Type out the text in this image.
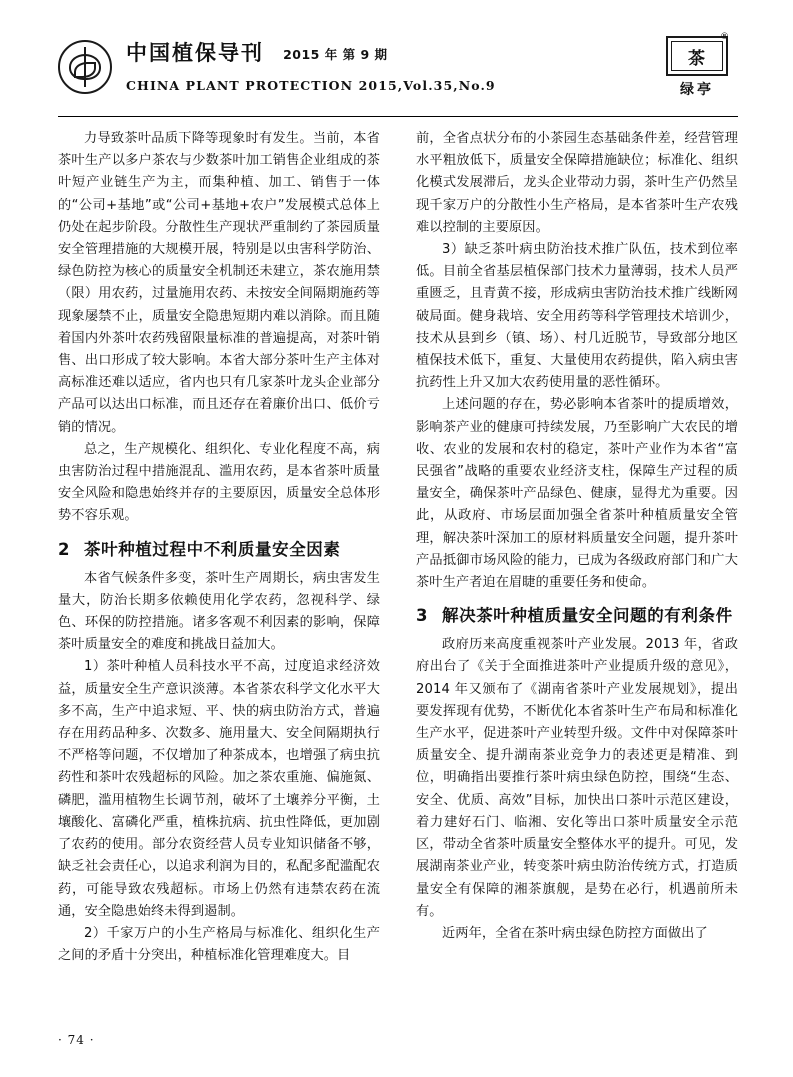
中国植保导刊 2015 年 第 9 期
CHINA PLANT PROTECTION 2015,Vol.35,No.9
茶
®
绿亭

力导致茶叶品质下降等现象时有发生。当前，本省茶叶生产以多户茶农与少数茶叶加工销售企业组成的茶叶短产业链生产为主，而集种植、加工、销售于一体的“公司+基地”或“公司+基地+农户”发展模式总体上仍处在起步阶段。分散性生产现状严重制约了茶园质量安全管理措施的大规模开展，特别是以虫害科学防治、绿色防控为核心的质量安全机制还未建立，茶农施用禁（限）用农药，过量施用农药、未按安全间隔期施药等现象屡禁不止，质量安全隐患短期内难以消除。而且随着国内外茶叶农药残留限量标准的普遍提高，对茶叶销售、出口形成了较大影响。本省大部分茶叶生产主体对高标准还难以适应，省内也只有几家茶叶龙头企业部分产品可以达出口标准，而且还存在着廉价出口、低价亏销的情况。

总之，生产规模化、组织化、专业化程度不高，病虫害防治过程中措施混乱、滥用农药，是本省茶叶质量安全风险和隐患始终并存的主要原因，质量安全总体形势不容乐观。

2 茶叶种植过程中不利质量安全因素

本省气候条件多变，茶叶生产周期长，病虫害发生量大，防治长期多依赖使用化学农药，忽视科学、绿色、环保的防控措施。诸多客观不利因素的影响，保障茶叶质量安全的难度和挑战日益加大。

1）茶叶种植人员科技水平不高，过度追求经济效益，质量安全生产意识淡薄。本省茶农科学文化水平大多不高，生产中追求短、平、快的病虫防治方式，普遍存在用药品种多、次数多、施用量大、安全间隔期执行不严格等问题，不仅增加了种茶成本，也增强了病虫抗药性和茶叶农残超标的风险。加之茶农重施、偏施氮、磷肥，滥用植物生长调节剂，破坏了土壤养分平衡，土壤酸化、富磷化严重，植株抗病、抗虫性降低，更加剧了农药的使用。部分农资经营人员专业知识储备不够，缺乏社会责任心，以追求利润为目的，私配多配滥配农药，可能导致农残超标。市场上仍然有违禁农药在流通，安全隐患始终未得到遏制。

2）千家万户的小生产格局与标准化、组织化生产之间的矛盾十分突出，种植标准化管理难度大。目

前，全省点状分布的小茶园生态基础条件差，经营管理水平粗放低下，质量安全保障措施缺位；标准化、组织化模式发展滞后，龙头企业带动力弱，茶叶生产仍然呈现千家万户的分散性小生产格局，是本省茶叶生产农残难以控制的主要原因。

3）缺乏茶叶病虫防治技术推广队伍，技术到位率低。目前全省基层植保部门技术力量薄弱，技术人员严重匮乏，且青黄不接，形成病虫害防治技术推广线断网破局面。健身栽培、安全用药等科学管理技术培训少，技术从县到乡（镇、场）、村几近脱节，导致部分地区植保技术低下，重复、大量使用农药提供，陷入病虫害抗药性上升又加大农药使用量的恶性循环。

上述问题的存在，势必影响本省茶叶的提质增效，影响茶产业的健康可持续发展，乃至影响广大农民的增收、农业的发展和农村的稳定，茶叶产业作为本省“富民强省”战略的重要农业经济支柱，保障生产过程的质量安全，确保茶叶产品绿色、健康，显得尤为重要。因此，从政府、市场层面加强全省茶叶种植质量安全管理，解决茶叶深加工的原材料质量安全问题，提升茶叶产品抵御市场风险的能力，已成为各级政府部门和广大茶叶生产者迫在眉睫的重要任务和使命。

3 解决茶叶种植质量安全问题的有利条件

政府历来高度重视茶叶产业发展。2013 年，省政府出台了《关于全面推进茶叶产业提质升级的意见》，2014 年又颁布了《湖南省茶叶产业发展规划》，提出要发挥现有优势，不断优化本省茶叶生产布局和标准化生产水平，促进茶叶产业转型升级。文件中对保障茶叶质量安全、提升湖南茶业竞争力的表述更是精准、到位，明确指出要推行茶叶病虫绿色防控，围绕“生态、安全、优质、高效”目标，加快出口茶叶示范区建设，着力建好石门、临湘、安化等出口茶叶质量安全示范区，带动全省茶叶质量安全整体水平的提升。可见，发展湖南茶业产业，转变茶叶病虫防治传统方式，打造质量安全有保障的湘茶旗舰，是势在必行，机遇前所未有。

近两年，全省在茶叶病虫绿色防控方面做出了

· 74 ·
